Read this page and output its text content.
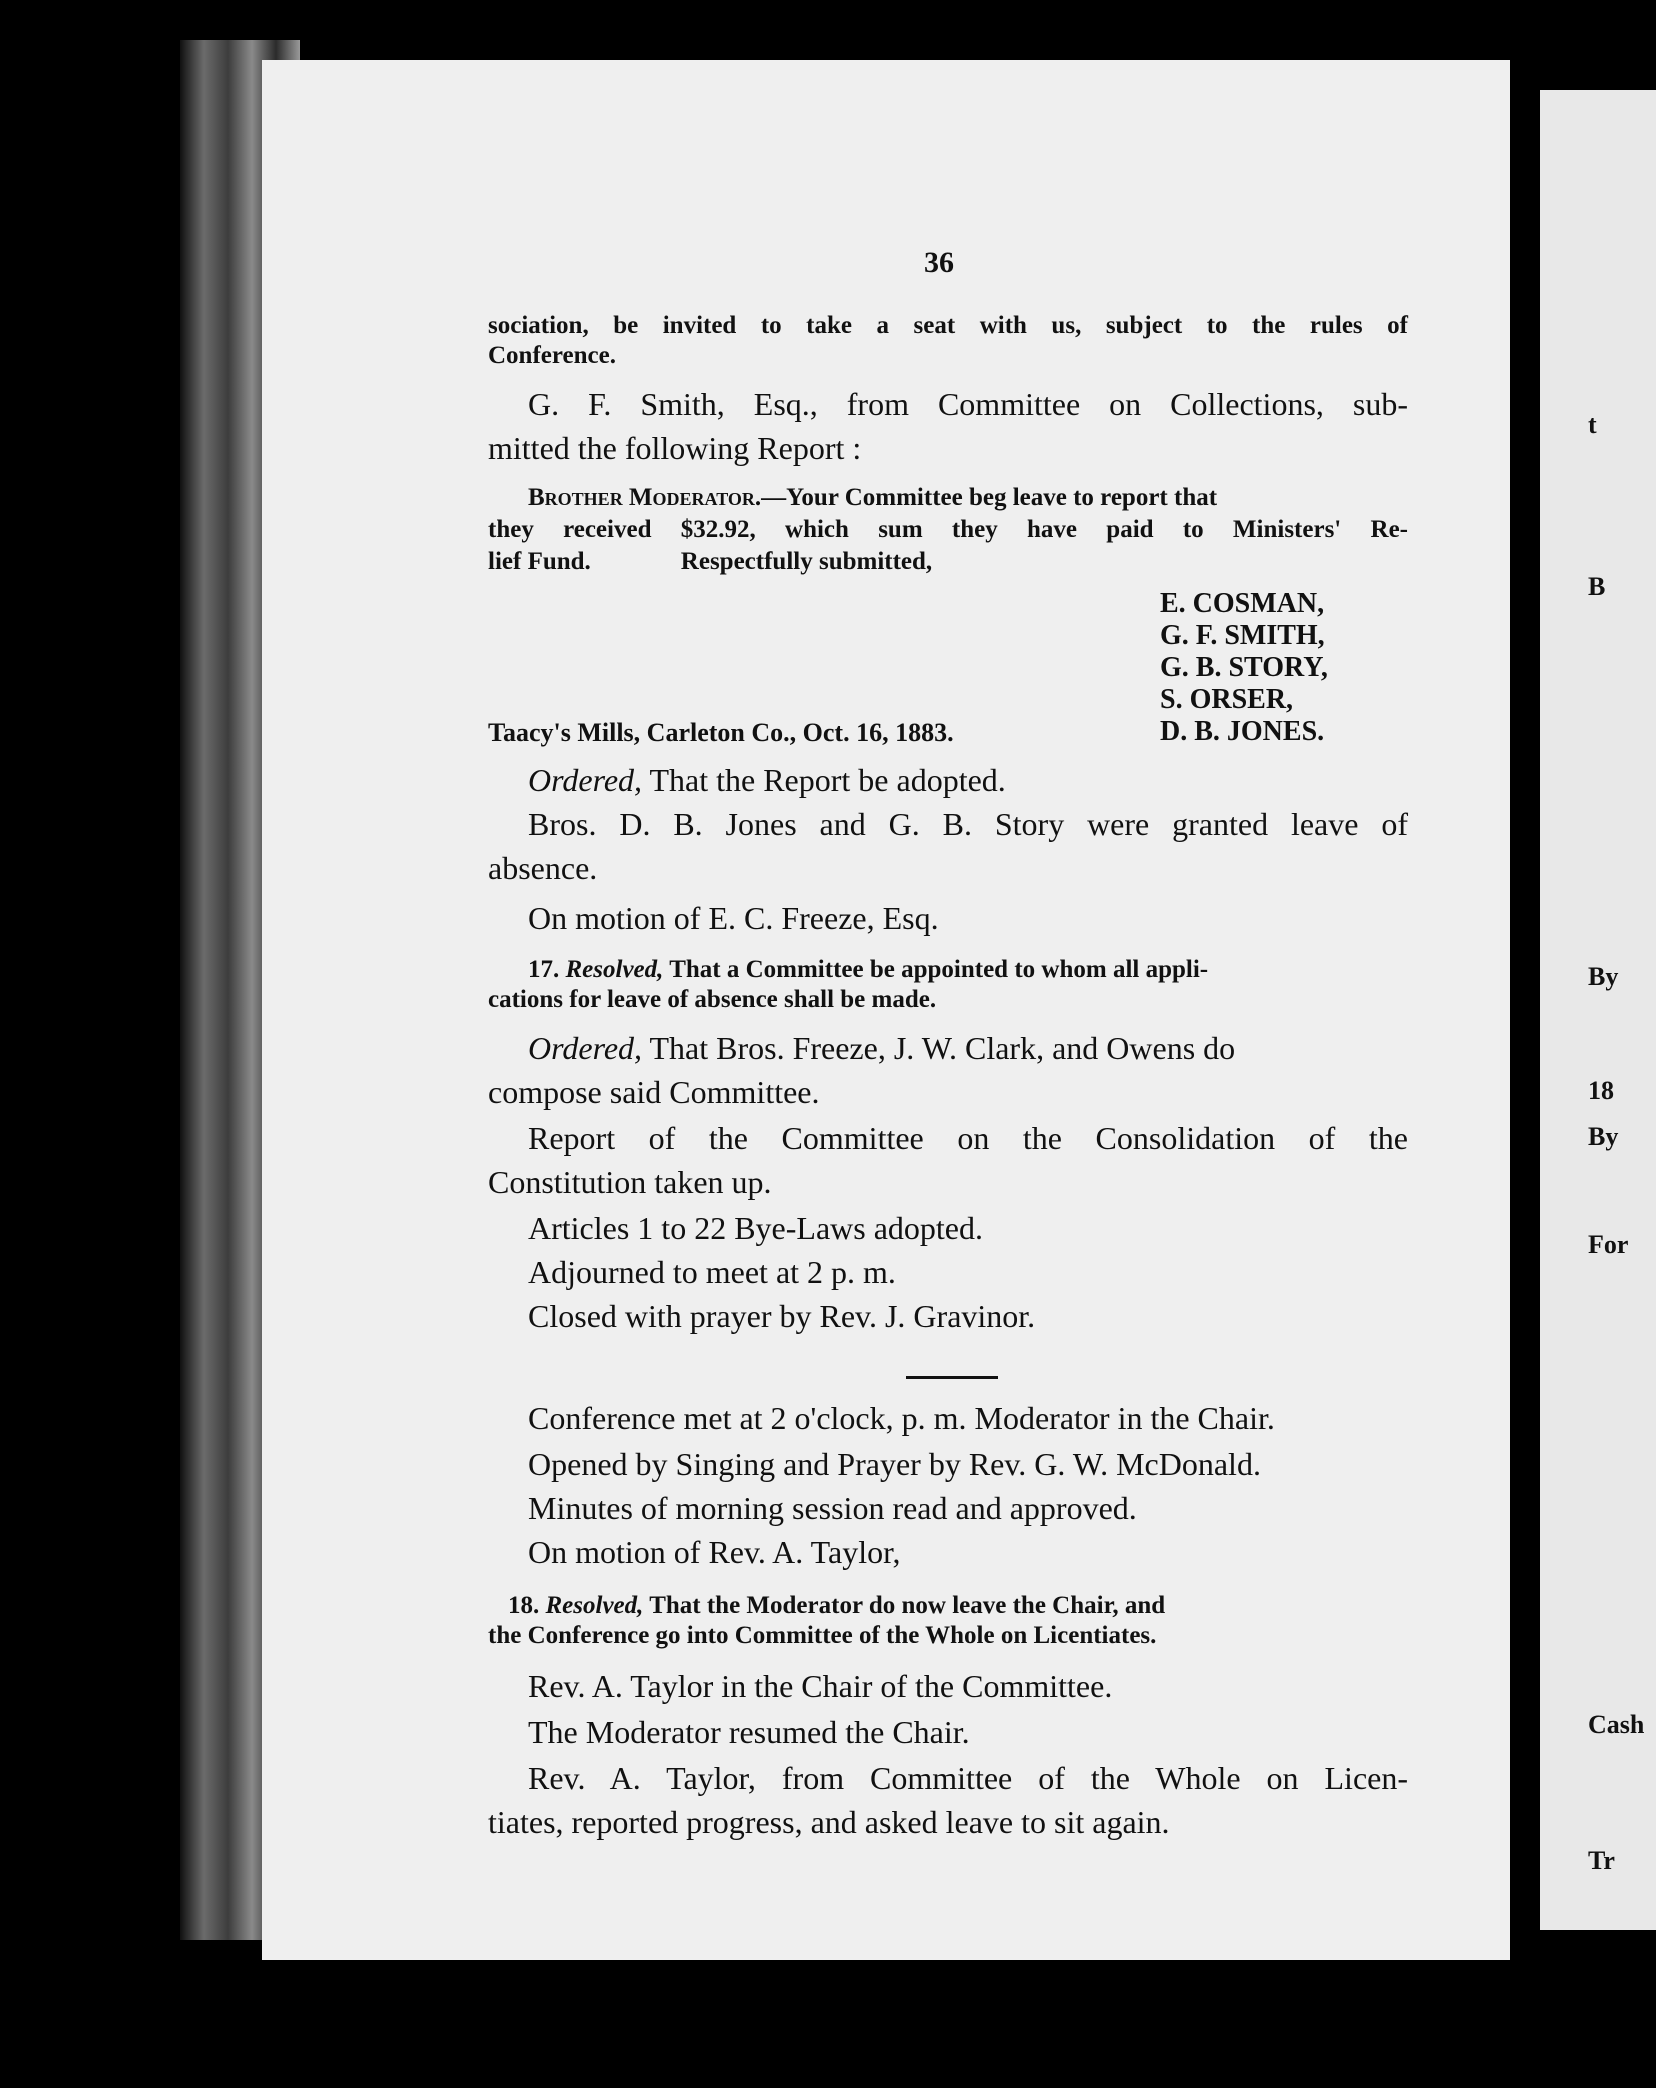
36
sociation, be invited to take a seat with us, subject to the rules of
Conference.
G. F. Smith, Esq., from Committee on Collections, sub-
mitted the following Report :
Brother Moderator.—Your Committee beg leave to report that
they received $32.92, which sum they have paid to Ministers' Re-
lief Fund.	Respectfully submitted,
E. COSMAN,
G. F. SMITH,
G. B. STORY,
S. ORSER,
D. B. JONES.
Taacy's Mills, Carleton Co., Oct. 16, 1883.
Ordered, That the Report be adopted.
Bros. D. B. Jones and G. B. Story were granted leave of
absence.
On motion of E. C. Freeze, Esq.
17. Resolved, That a Committee be appointed to whom all appli-
cations for leave of absence shall be made.
Ordered, That Bros. Freeze, J. W. Clark, and Owens do
compose said Committee.
Report of the Committee on the Consolidation of the
Constitution taken up.
Articles 1 to 22 Bye-Laws adopted.
Adjourned to meet at 2 p. m.
Closed with prayer by Rev. J. Gravinor.
Conference met at 2 o'clock, p. m. Moderator in the Chair.
Opened by Singing and Prayer by Rev. G. W. McDonald.
Minutes of morning session read and approved.
On motion of Rev. A. Taylor,
18. Resolved, That the Moderator do now leave the Chair, and
the Conference go into Committee of the Whole on Licentiates.
Rev. A. Taylor in the Chair of the Committee.
The Moderator resumed the Chair.
Rev. A. Taylor, from Committee of the Whole on Licen-
tiates, reported progress, and asked leave to sit again.
t
B
By
18
By
For
Cash
Tr
